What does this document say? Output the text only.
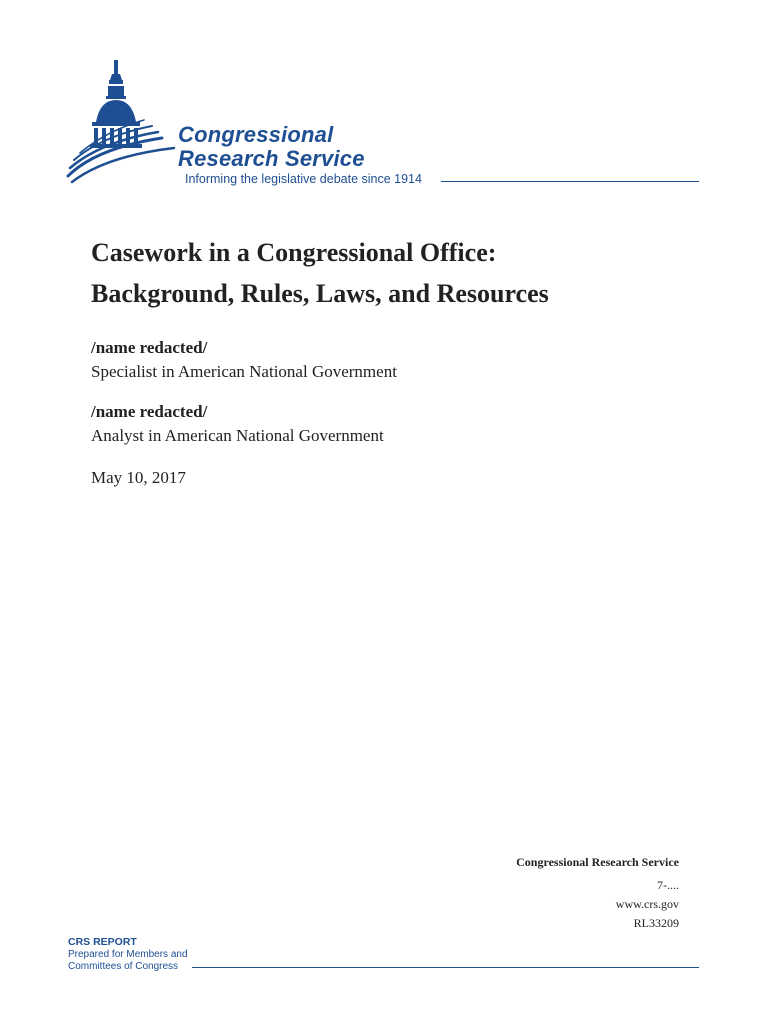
Congressional
Research Service
Informing the legislative debate since 1914
Casework in a Congressional Office:
Background, Rules, Laws, and Resources
/name redacted/
Specialist in American National Government
/name redacted/
Analyst in American National Government
May 10, 2017
Congressional Research Service
7-....
www.crs.gov
RL33209
CRS REPORT
Prepared for Members and
Committees of Congress
